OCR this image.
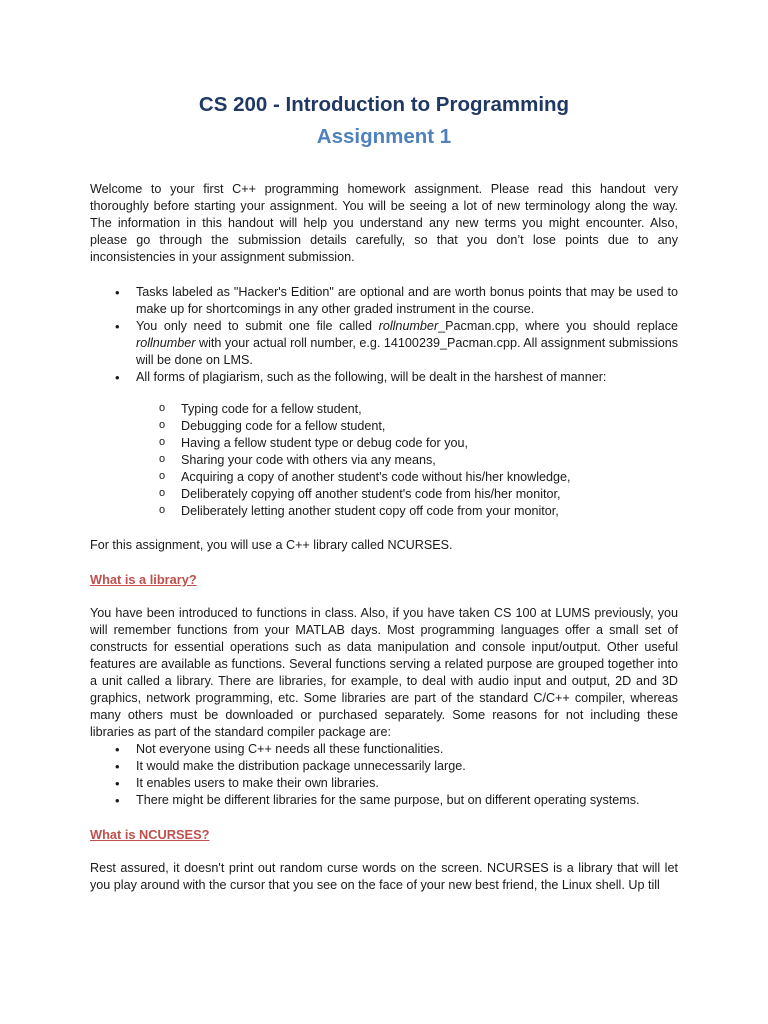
CS 200 - Introduction to Programming
Assignment 1

Welcome to your first C++ programming homework assignment. Please read this handout very thoroughly before starting your assignment. You will be seeing a lot of new terminology along the way. The information in this handout will help you understand any new terms you might encounter. Also, please go through the submission details carefully, so that you don’t lose points due to any inconsistencies in your assignment submission.

• Tasks labeled as "Hacker's Edition" are optional and are worth bonus points that may be used to make up for shortcomings in any other graded instrument in the course.
• You only need to submit one file called rollnumber_Pacman.cpp, where you should replace rollnumber with your actual roll number, e.g. 14100239_Pacman.cpp. All assignment submissions will be done on LMS.
• All forms of plagiarism, such as the following, will be dealt in the harshest of manner:
o Typing code for a fellow student,
o Debugging code for a fellow student,
o Having a fellow student type or debug code for you,
o Sharing your code with others via any means,
o Acquiring a copy of another student's code without his/her knowledge,
o Deliberately copying off another student's code from his/her monitor,
o Deliberately letting another student copy off code from your monitor,

For this assignment, you will use a C++ library called NCURSES.

What is a library?

You have been introduced to functions in class. Also, if you have taken CS 100 at LUMS previously, you will remember functions from your MATLAB days. Most programming languages offer a small set of constructs for essential operations such as data manipulation and console input/output. Other useful features are available as functions. Several functions serving a related purpose are grouped together into a unit called a library. There are libraries, for example, to deal with audio input and output, 2D and 3D graphics, network programming, etc. Some libraries are part of the standard C/C++ compiler, whereas many others must be downloaded or purchased separately. Some reasons for not including these libraries as part of the standard compiler package are:

• Not everyone using C++ needs all these functionalities.
• It would make the distribution package unnecessarily large.
• It enables users to make their own libraries.
• There might be different libraries for the same purpose, but on different operating systems.
What is NCURSES?

Rest assured, it doesn't print out random curse words on the screen. NCURSES is a library that will let you play around with the cursor that you see on the face of your new best friend, the Linux shell. Up till
